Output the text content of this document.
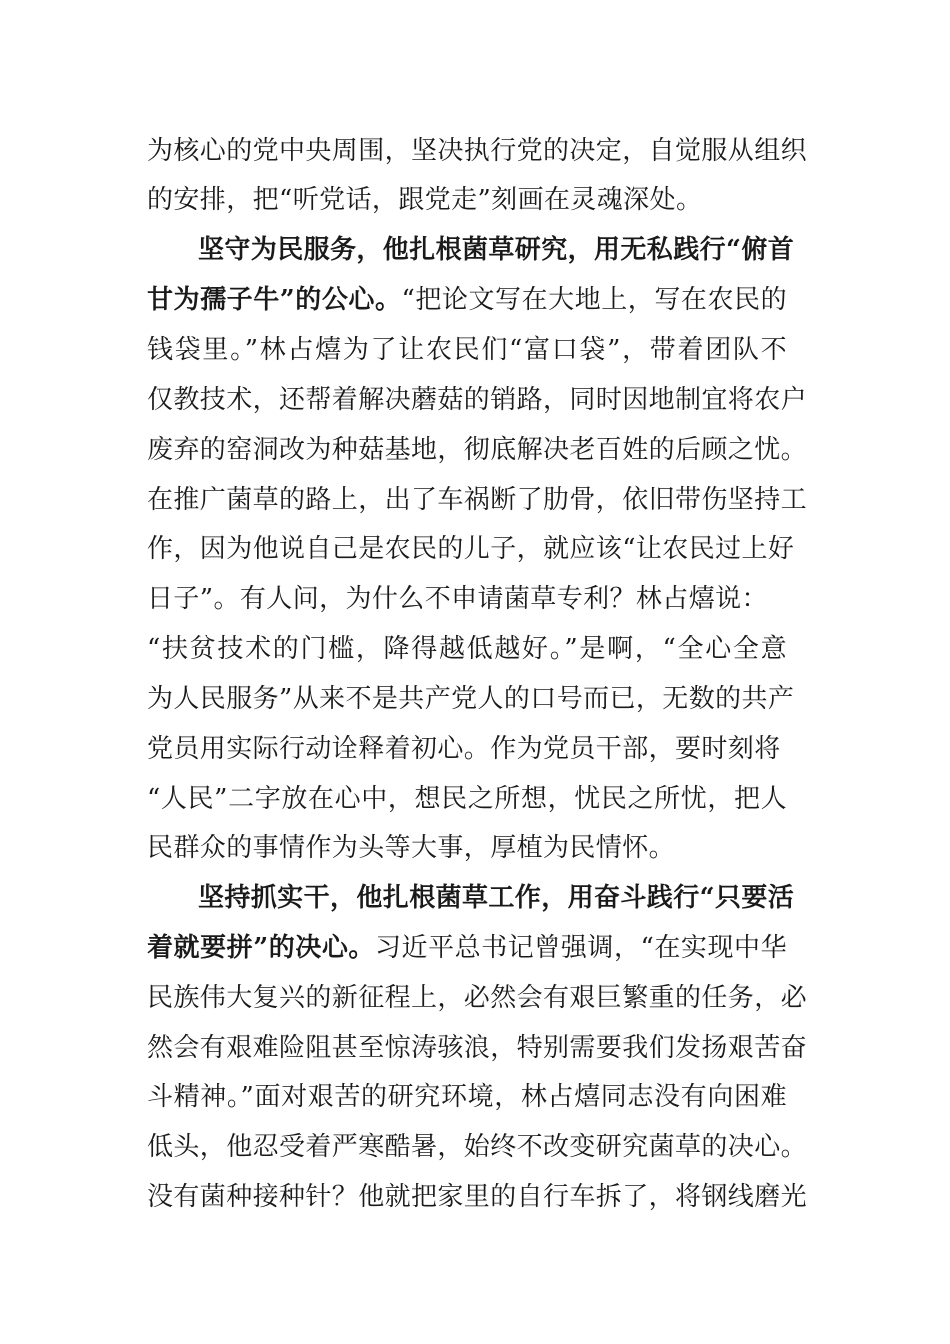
为核心的党中央周围，坚决执行党的决定，自觉服从组织
的安排，把“听党话，跟党走”刻画在灵魂深处。
坚守为民服务，他扎根菌草研究，用无私践行“俯首
甘为孺子牛”的公心。“把论文写在大地上，写在农民的
钱袋里。”林占熺为了让农民们“富口袋”，带着团队不
仅教技术，还帮着解决蘑菇的销路，同时因地制宜将农户
废弃的窑洞改为种菇基地，彻底解决老百姓的后顾之忧。
在推广菌草的路上，出了车祸断了肋骨，依旧带伤坚持工
作，因为他说自己是农民的儿子，就应该“让农民过上好
日子”。有人问，为什么不申请菌草专利？林占熺说：
“扶贫技术的门槛，降得越低越好。”是啊，“全心全意
为人民服务”从来不是共产党人的口号而已，无数的共产
党员用实际行动诠释着初心。作为党员干部，要时刻将
“人民”二字放在心中，想民之所想，忧民之所忧，把人
民群众的事情作为头等大事，厚植为民情怀。
坚持抓实干，他扎根菌草工作，用奋斗践行“只要活
着就要拼”的决心。习近平总书记曾强调，“在实现中华
民族伟大复兴的新征程上，必然会有艰巨繁重的任务，必
然会有艰难险阻甚至惊涛骇浪，特别需要我们发扬艰苦奋
斗精神。”面对艰苦的研究环境，林占熺同志没有向困难
低头，他忍受着严寒酷暑，始终不改变研究菌草的决心。
没有菌种接种针？他就把家里的自行车拆了，将钢线磨光
